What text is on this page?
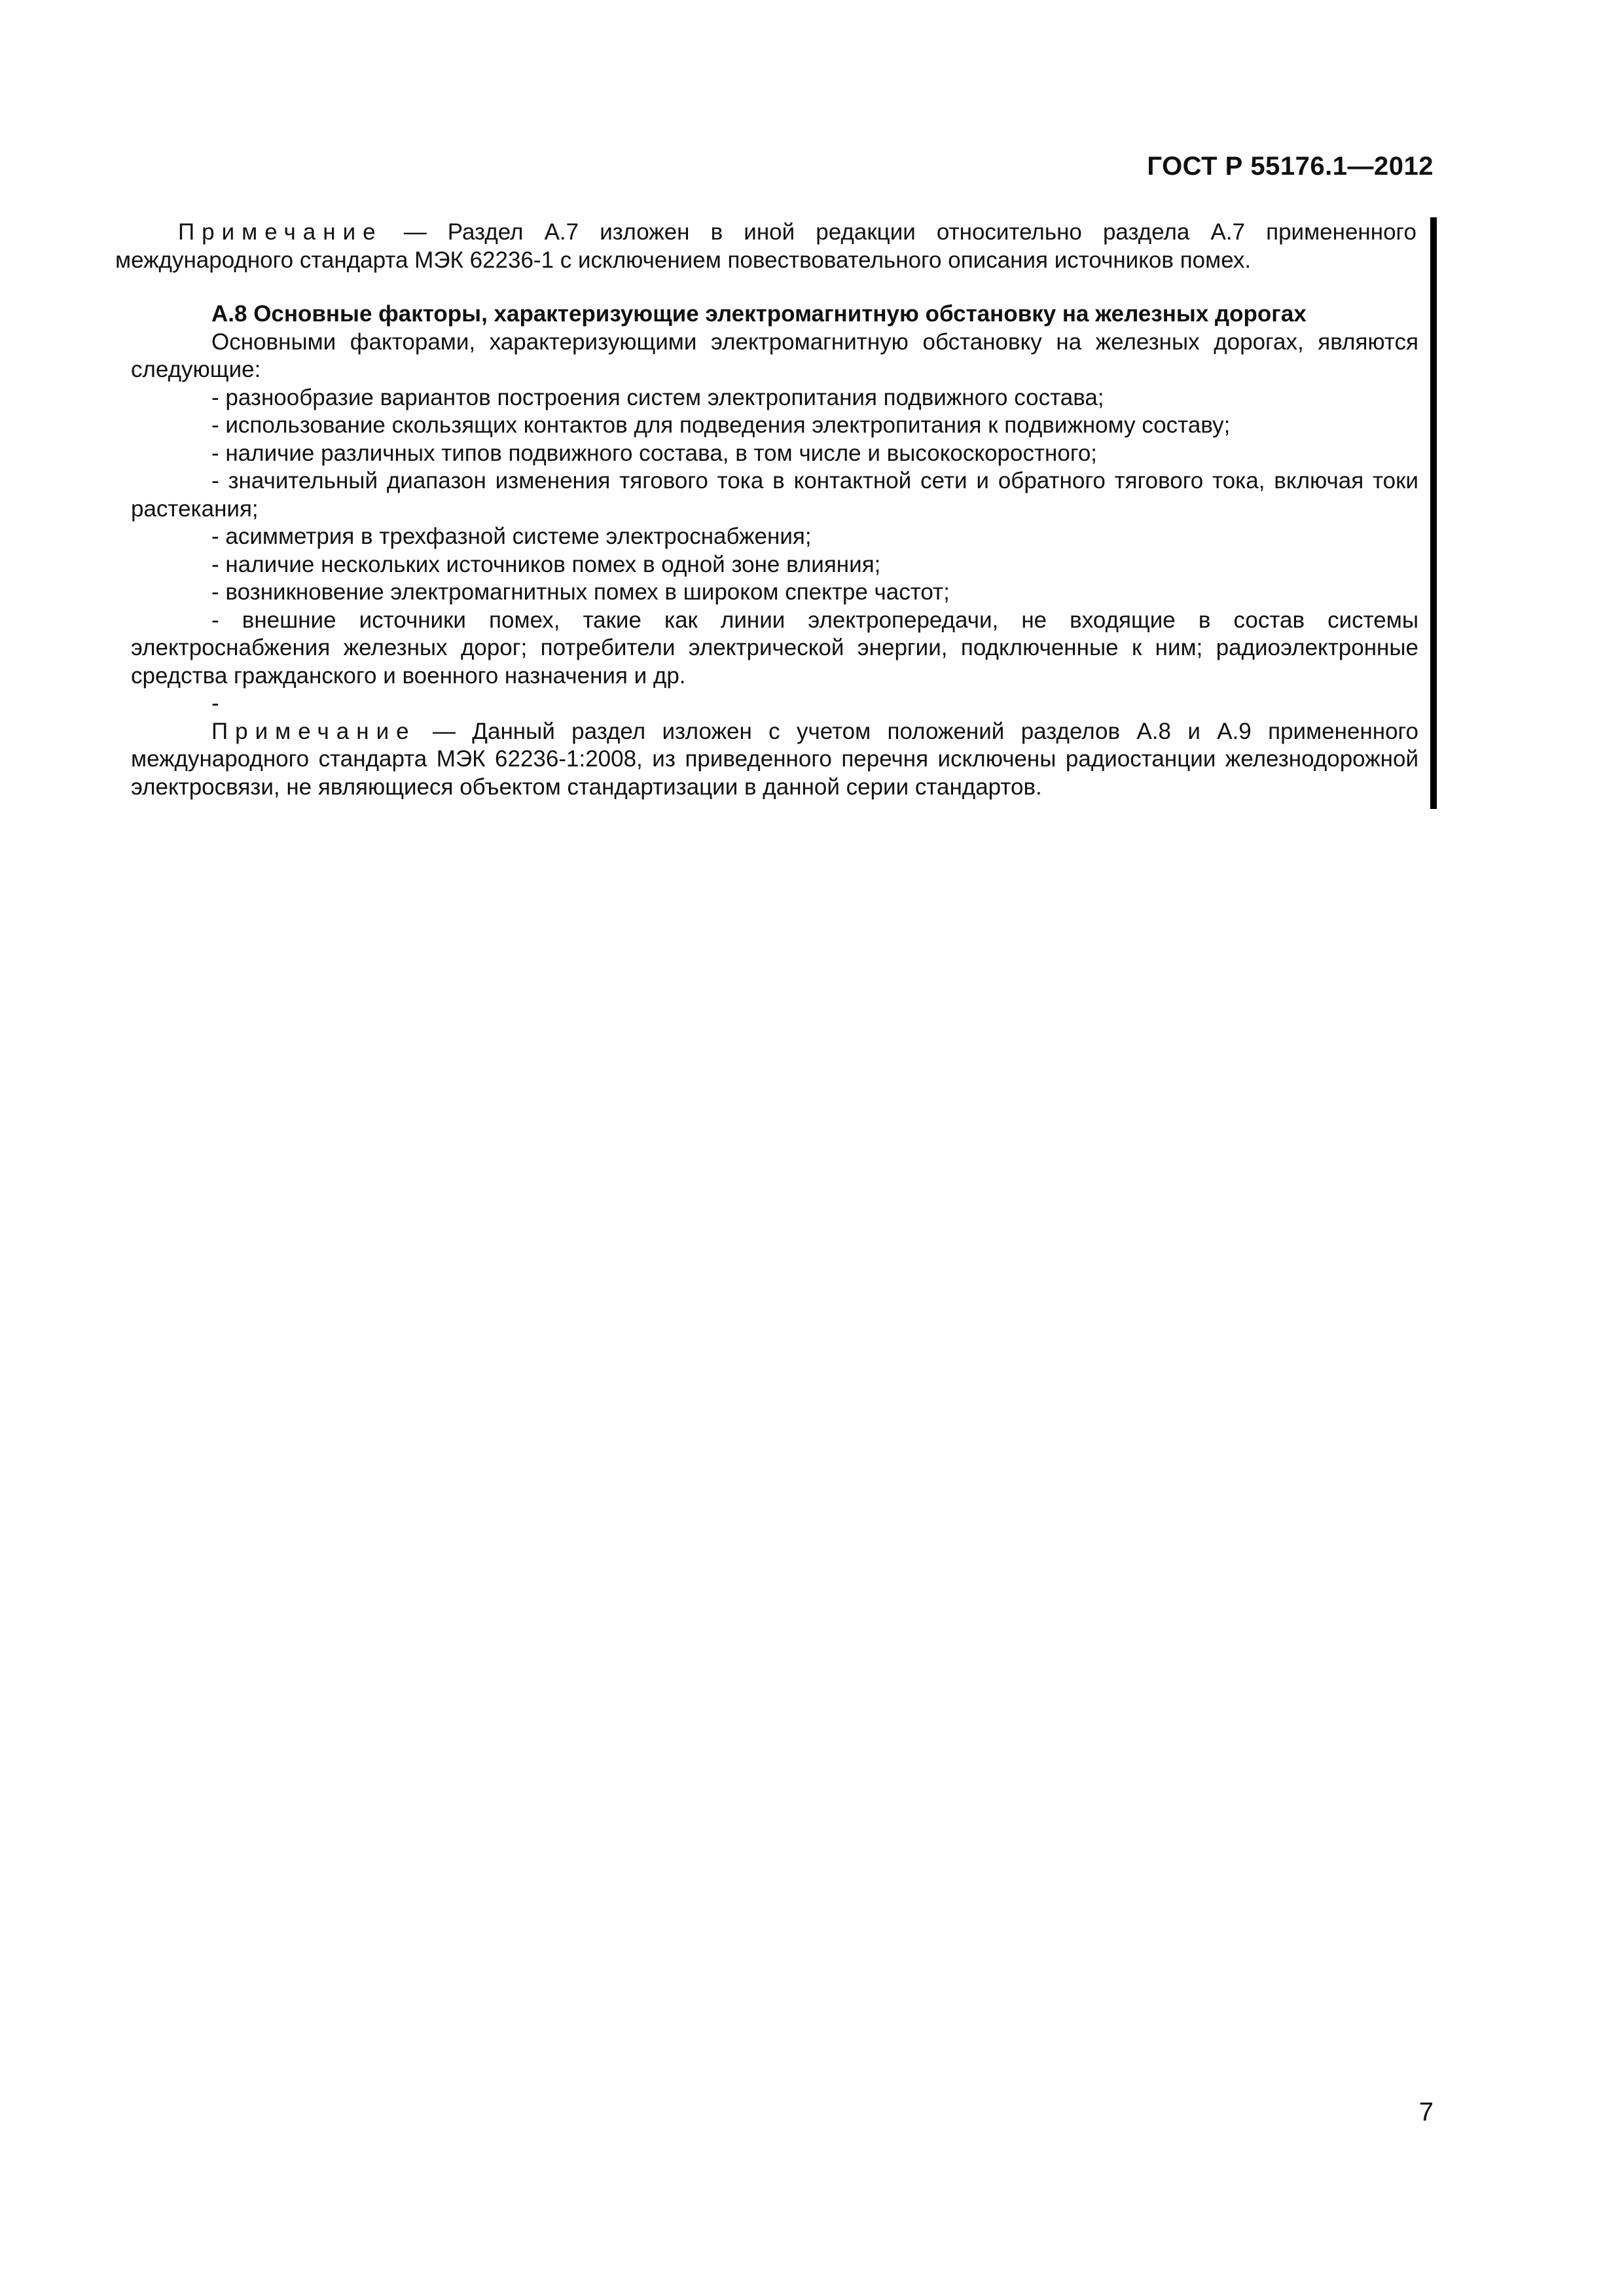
ГОСТ Р 55176.1—2012

Примечание — Раздел А.7 изложен в иной редакции относительно раздела А.7 примененного международного стандарта МЭК 62236-1 с исключением повествовательного описания источников помех.

А.8 Основные факторы, характеризующие электромагнитную обстановку на железных дорогах

Основными факторами, характеризующими электромагнитную обстановку на железных дорогах, являются следующие:

- разнообразие вариантов построения систем электропитания подвижного состава;

- использование скользящих контактов для подведения электропитания к подвижному составу;

- наличие различных типов подвижного состава, в том числе и высокоскоростного;

- значительный диапазон изменения тягового тока в контактной сети и обратного тягового тока, включая токи растекания;

- асимметрия в трехфазной системе электроснабжения;

- наличие нескольких источников помех в одной зоне влияния;

- возникновение электромагнитных помех в широком спектре частот;

- внешние источники помех, такие как линии электропередачи, не входящие в состав системы электроснабжения железных дорог; потребители электрической энергии, подключенные к ним; радиоэлектронные средства гражданского и военного назначения и др.

-

Примечание — Данный раздел изложен с учетом положений разделов А.8 и А.9 примененного международного стандарта МЭК 62236-1:2008, из приведенного перечня исключены радиостанции железнодорожной электросвязи, не являющиеся объектом стандартизации в данной серии стандартов.

7
